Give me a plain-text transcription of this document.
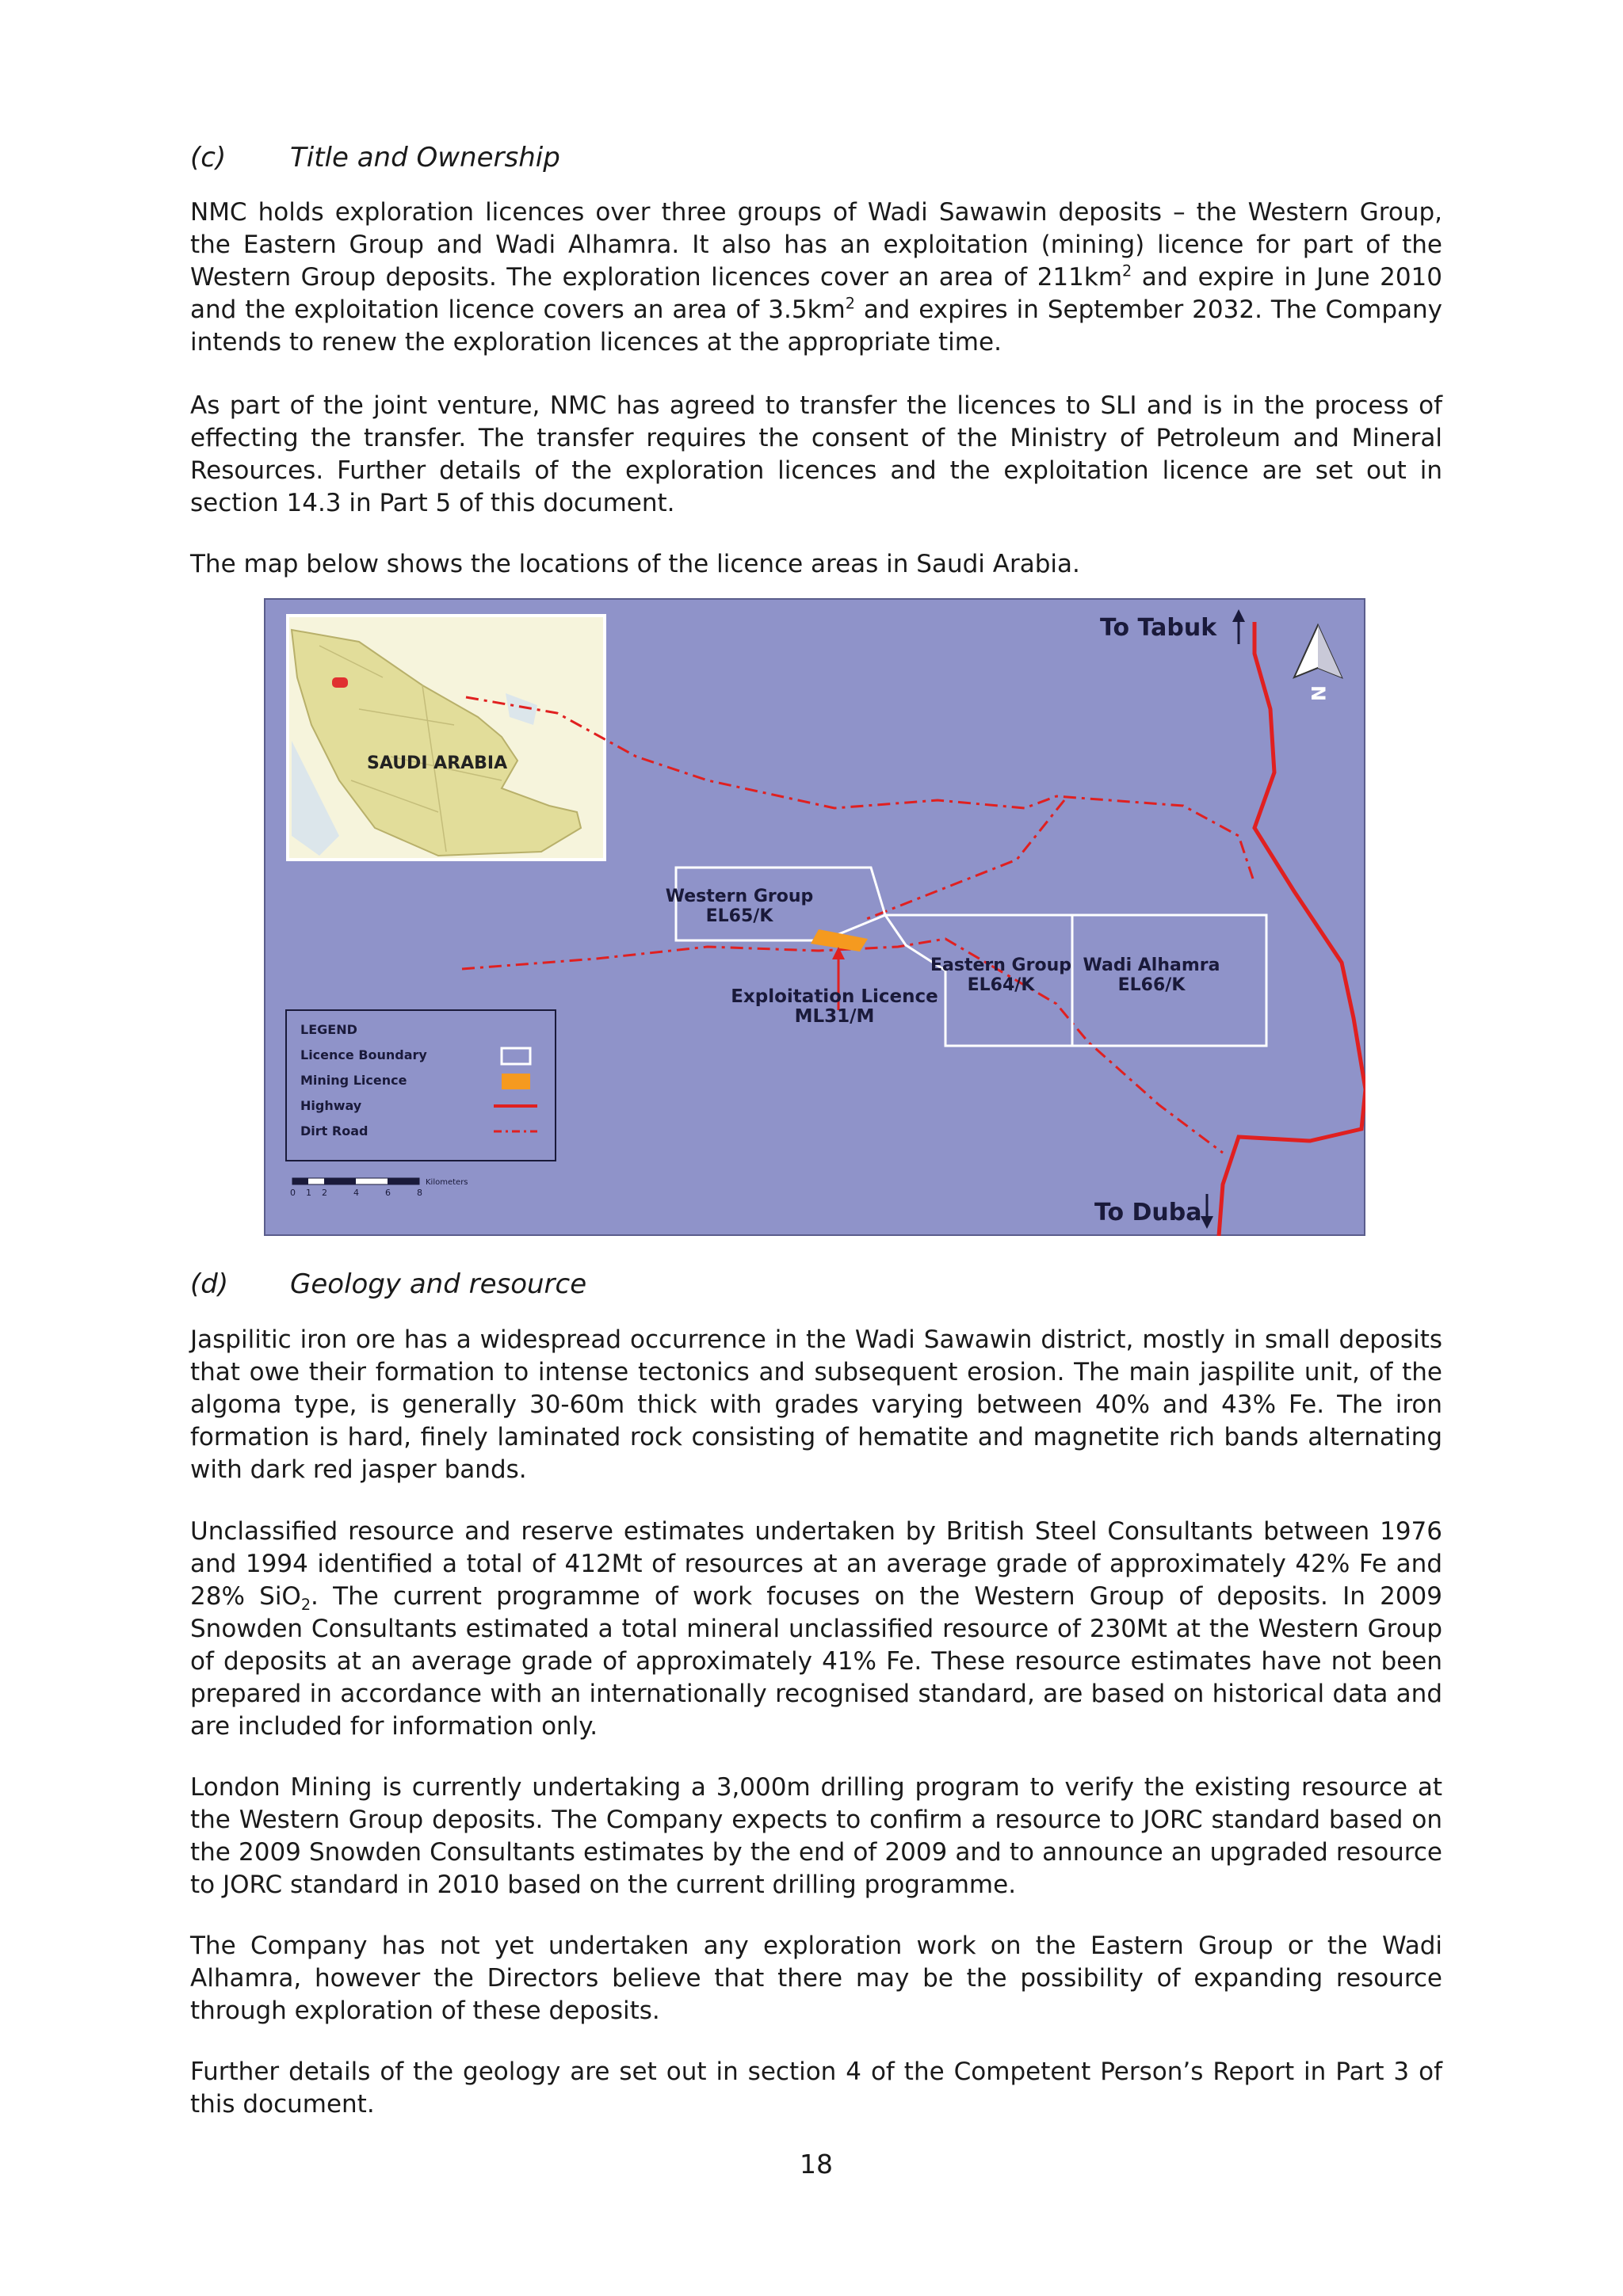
(c) Title and Ownership

NMC holds exploration licences over three groups of Wadi Sawawin deposits – the Western Group, the Eastern Group and Wadi Alhamra. It also has an exploitation (mining) licence for part of the Western Group deposits. The exploration licences cover an area of $211km^2$ and expire in June 2010 and the exploitation licence covers an area of $3.5km^2$ and expires in September 2032. The Company intends to renew the exploration licences at the appropriate time.

As part of the joint venture, NMC has agreed to transfer the licences to SLI and is in the process of effecting the transfer. The transfer requires the consent of the Ministry of Petroleum and Mineral Resources. Further details of the exploration licences and the exploitation licence are set out in section 14.3 in Part 5 of this document.

The map below shows the locations of the licence areas in Saudi Arabia.

SAUDI ARABIA
Western Group
EL65/K
Eastern Group
EL64/K
Wadi Alhamra
EL66/K
Exploitation Licence
ML31/M
To Tabuk
To Duba
N
LEGEND
Licence Boundary
Mining Licence
Highway
Dirt Road
0 1 2	4	6	8
Kilometers
(d) Geology and resource

Jaspilitic iron ore has a widespread occurrence in the Wadi Sawawin district, mostly in small deposits that owe their formation to intense tectonics and subsequent erosion. The main jaspilite unit, of the algoma type, is generally 30-60m thick with grades varying between 40% and 43% Fe. The iron formation is hard, finely laminated rock consisting of hematite and magnetite rich bands alternating with dark red jasper bands.

Unclassified resource and reserve estimates undertaken by British Steel Consultants between 1976 and 1994 identified a total of 412Mt of resources at an average grade of approximately 42% Fe and 28% SiO$_2$. The current programme of work focuses on the Western Group of deposits. In 2009 Snowden Consultants estimated a total mineral unclassified resource of 230Mt at the Western Group of deposits at an average grade of approximately 41% Fe. These resource estimates have not been prepared in accordance with an internationally recognised standard, are based on historical data and are included for information only.

London Mining is currently undertaking a 3,000m drilling program to verify the existing resource at the Western Group deposits. The Company expects to confirm a resource to JORC standard based on the 2009 Snowden Consultants estimates by the end of 2009 and to announce an upgraded resource to JORC standard in 2010 based on the current drilling programme.

The Company has not yet undertaken any exploration work on the Eastern Group or the Wadi Alhamra, however the Directors believe that there may be the possibility of expanding resource through exploration of these deposits.

Further details of the geology are set out in section 4 of the Competent Person’s Report in Part 3 of this document.

18
